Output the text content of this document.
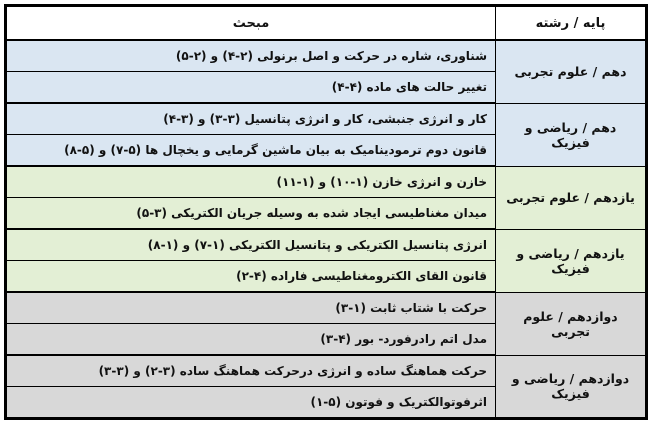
پایه / رشته	مبحث
دهم / علوم تجربی	شناوری، شاره در حرکت و اصل برنولی (۲-۴) و (۲-۵)
	تغییر حالت های ماده (۴-۴)
دهم / ریاضی و فیزیک	کار و انرژی جنبشی، کار و انرژی پتانسیل (۳-۳) و (۳-۴)
	قانون دوم ترمودینامیک به بیان ماشین گرمایی و یخچال ها (۵-۷) و (۵-۸)
یازدهم / علوم تجربی	خازن و انرژی خازن (۱-۱۰) و (۱-۱۱)
	میدان مغناطیسی ایجاد شده به وسیله جریان الکتریکی (۳-۵)
یازدهم / ریاضی و فیزیک	انرژی پتانسیل الکتریکی و پتانسیل الکتریکی (۱-۷) و (۱-۸)
	قانون القای الکترومغناطیسی فاراده (۴-۲)
دوازدهم / علوم تجربی	حرکت با شتاب ثابت (۱-۳)
	مدل اتم رادرفورد- بور (۴-۳)
دوازدهم / ریاضی و فیزیک	حرکت هماهنگ ساده و انرژی درحرکت هماهنگ ساده (۳-۲) و (۳-۳)
	اثرفوتوالکتریک و فوتون (۵-۱)
